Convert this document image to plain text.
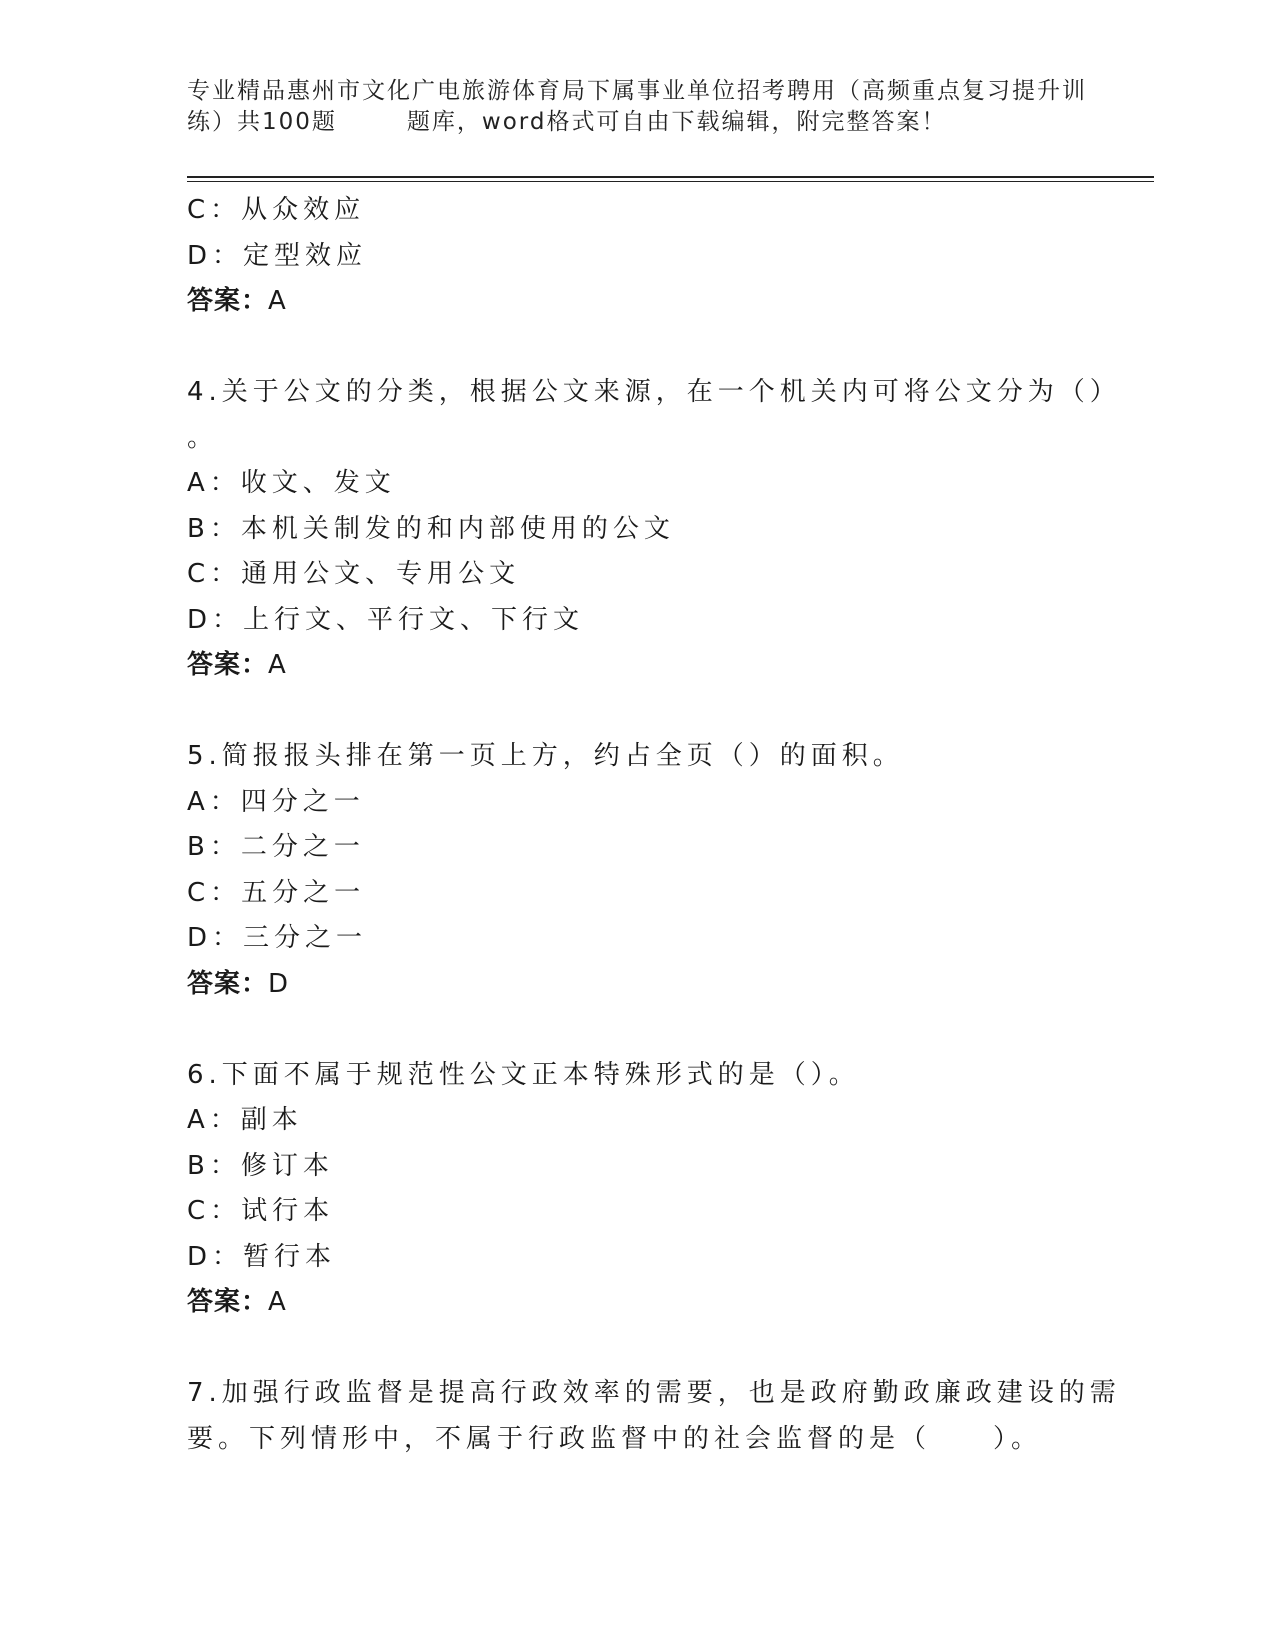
专业精品惠州市文化广电旅游体育局下属事业单位招考聘用（高频重点复习提升训
练）共100题	题库，word格式可自由下载编辑，附完整答案！
C：从众效应
D：定型效应
答案：A
4.关于公文的分类，根据公文来源，在一个机关内可将公文分为（）
。
A：收文、发文
B：本机关制发的和内部使用的公文
C：通用公文、专用公文
D：上行文、平行文、下行文
答案：A
5.简报报头排在第一页上方，约占全页（）的面积。
A：四分之一
B：二分之一
C：五分之一
D：三分之一
答案：D
6.下面不属于规范性公文正本特殊形式的是（）。
A：副本
B：修订本
C：试行本
D：暂行本
答案：A
7.加强行政监督是提高行政效率的需要，也是政府勤政廉政建设的需
要。下列情形中，不属于行政监督中的社会监督的是（　　）。
